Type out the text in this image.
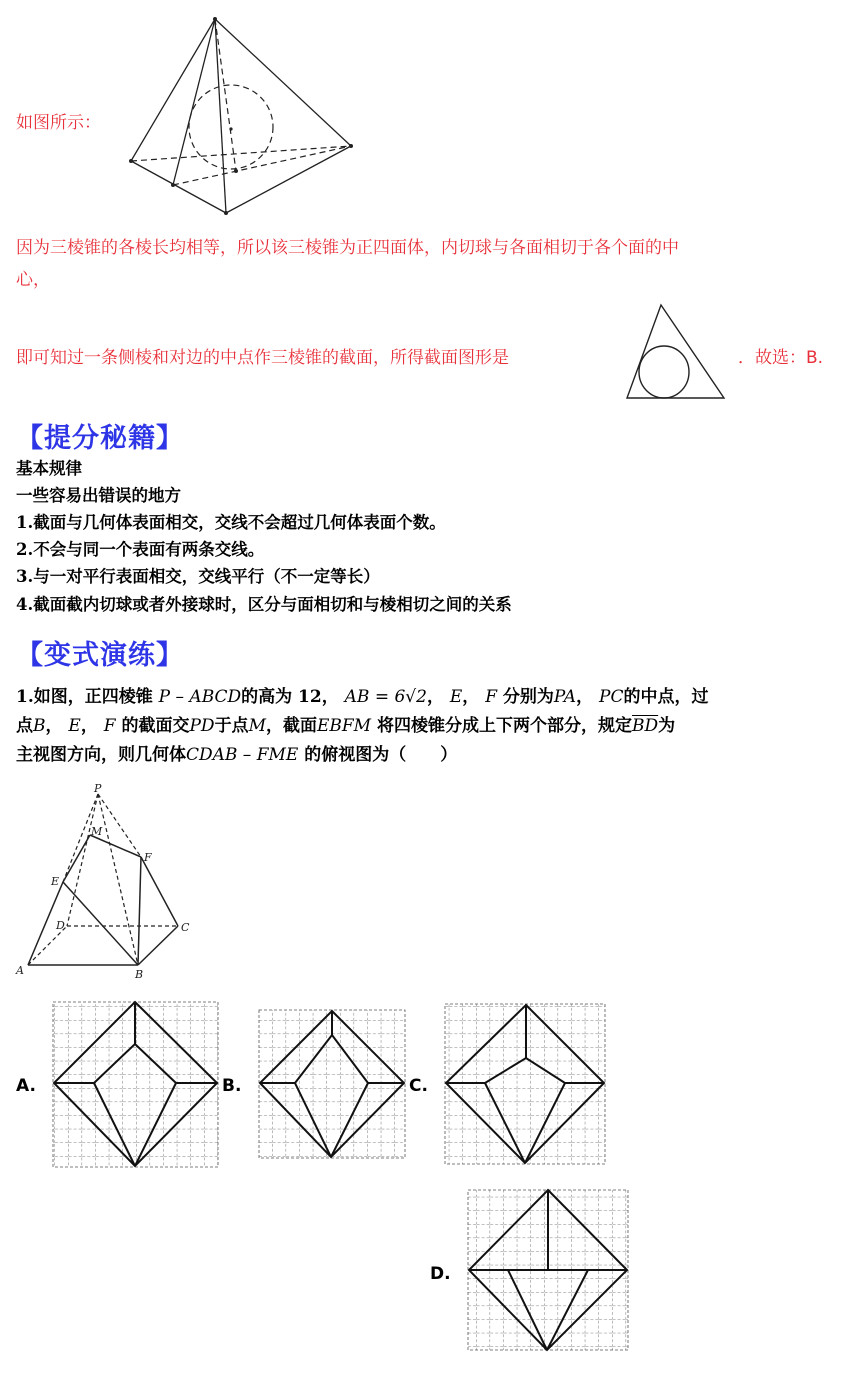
如图所示：
因为三棱锥的各棱长均相等，所以该三棱锥为正四面体，内切球与各面相切于各个面的中
心，
即可知过一条侧棱和对边的中点作三棱锥的截面，所得截面图形是	．故选：B.
【提分秘籍】
基本规律
一些容易出错误的地方
1.截面与几何体表面相交，交线不会超过几何体表面个数。
2.不会与同一个表面有两条交线。
3.与一对平行表面相交，交线平行（不一定等长）
4.截面截内切球或者外接球时，区分与面相切和与棱相切之间的关系
【变式演练】
1.如图，正四棱锥 P – ABCD的高为 12， AB = 6√2， E， F 分别为PA， PC的中点，过
点B， E， F 的截面交PD于点M，截面EBFM 将四棱锥分成上下两个部分，规定$\overline{BD}$为
主视图方向，则几何体CDAB – FME 的俯视图为（　　）
P
M
F
E
D	C
A	B
A.	B.	C.
D.
